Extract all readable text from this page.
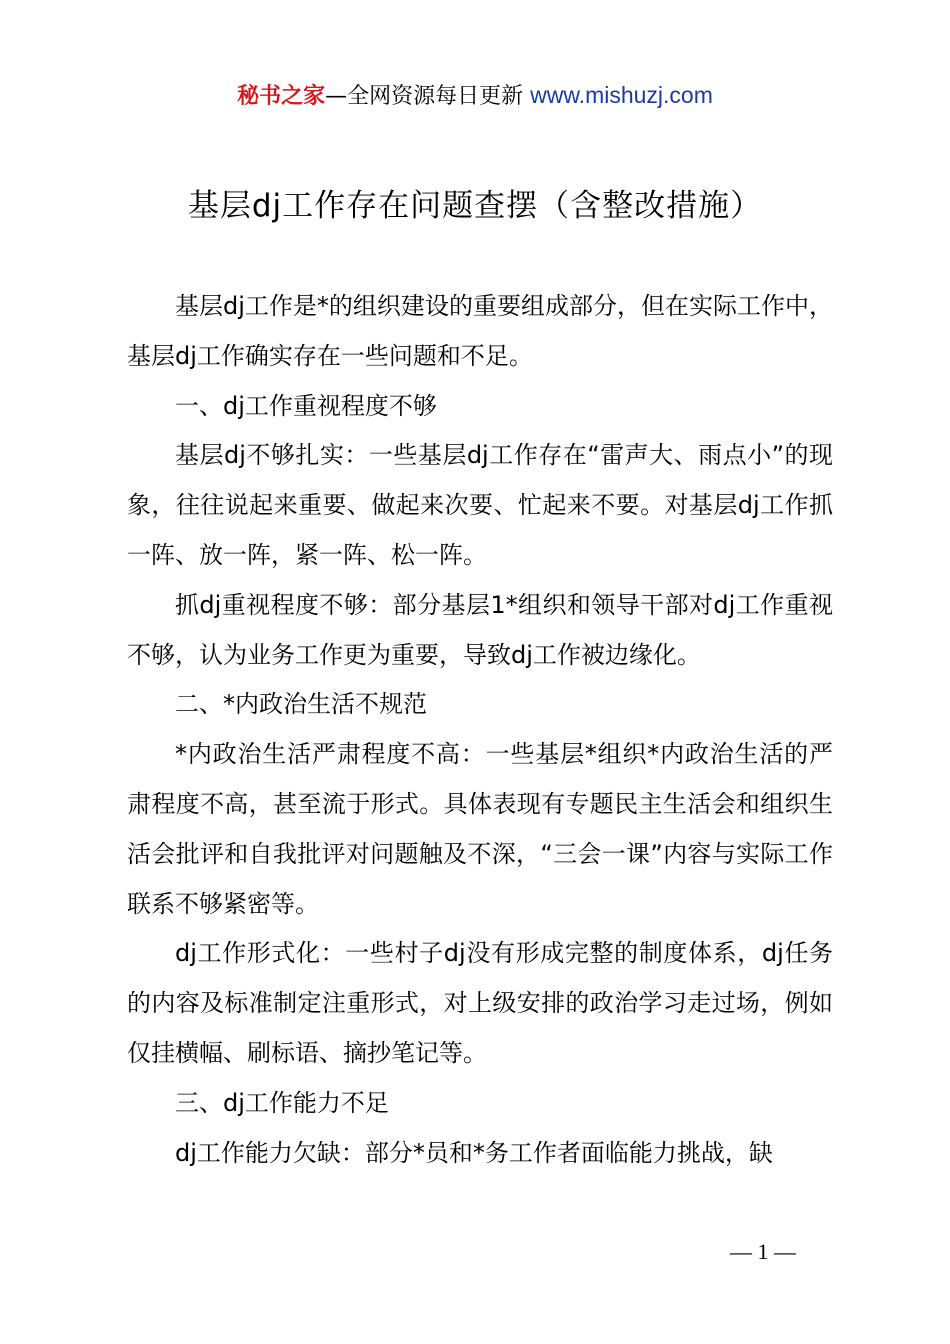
秘书之家—全网资源每日更新 www.mishuzj.com
基层dj工作存在问题查摆（含整改措施）

基层dj工作是*的组织建设的重要组成部分，但在实际工作中，基层dj工作确实存在一些问题和不足。

一、dj工作重视程度不够

基层dj不够扎实：一些基层dj工作存在“雷声大、雨点小”的现象，往往说起来重要、做起来次要、忙起来不要。对基层dj工作抓一阵、放一阵，紧一阵、松一阵。

抓dj重视程度不够：部分基层1*组织和领导干部对dj工作重视不够，认为业务工作更为重要，导致dj工作被边缘化。

二、*内政治生活不规范

*内政治生活严肃程度不高：一些基层*组织*内政治生活的严肃程度不高，甚至流于形式。具体表现有专题民主生活会和组织生活会批评和自我批评对问题触及不深，“三会一课”内容与实际工作联系不够紧密等。

dj工作形式化：一些村子dj没有形成完整的制度体系，dj任务的内容及标准制定注重形式，对上级安排的政治学习走过场，例如仅挂横幅、刷标语、摘抄笔记等。

三、dj工作能力不足

dj工作能力欠缺：部分*员和*务工作者面临能力挑战，缺

— 1 —
